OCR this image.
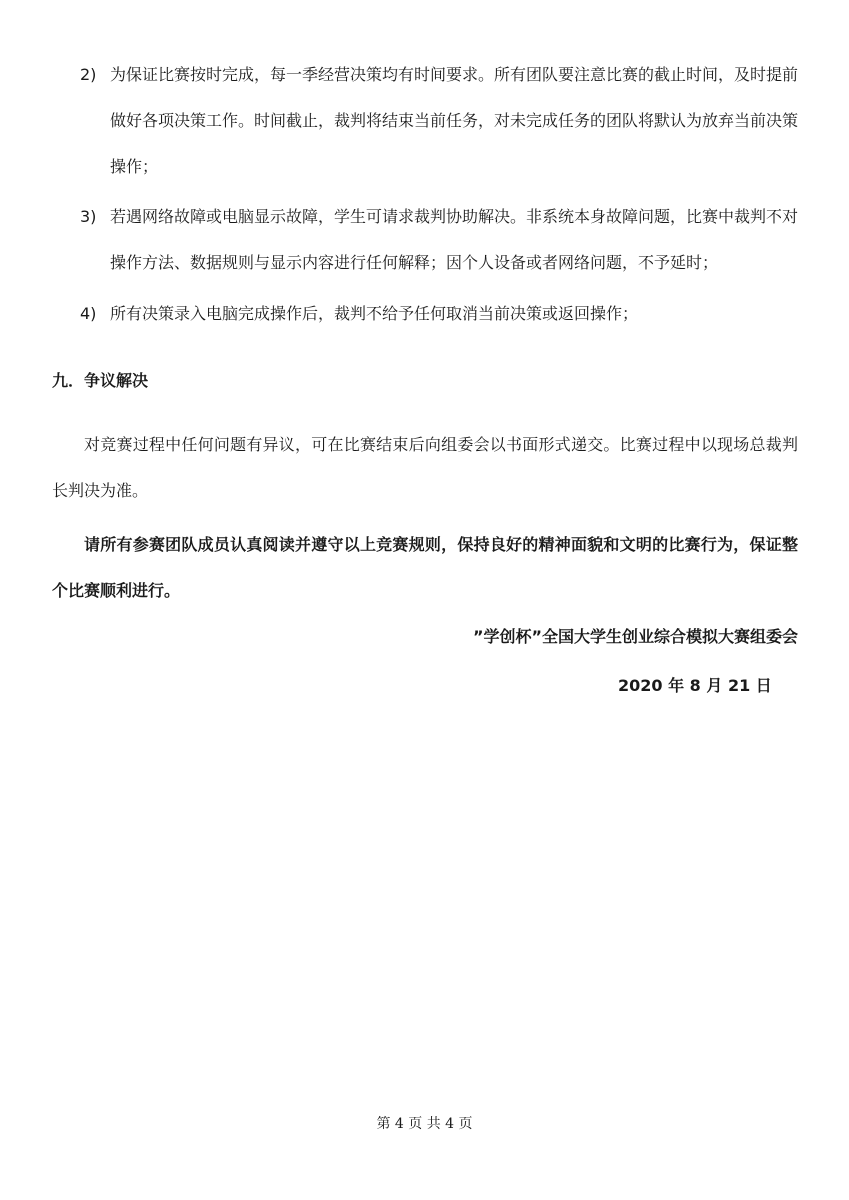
2) 为保证比赛按时完成，每一季经营决策均有时间要求。所有团队要注意比赛的截止时间，及时提前做好各项决策工作。时间截止，裁判将结束当前任务，对未完成任务的团队将默认为放弃当前决策操作；
3) 若遇网络故障或电脑显示故障，学生可请求裁判协助解决。非系统本身故障问题，比赛中裁判不对操作方法、数据规则与显示内容进行任何解释；因个人设备或者网络问题，不予延时；
4) 所有决策录入电脑完成操作后，裁判不给予任何取消当前决策或返回操作；
九．争议解决
对竞赛过程中任何问题有异议，可在比赛结束后向组委会以书面形式递交。比赛过程中以现场总裁判长判决为准。
请所有参赛团队成员认真阅读并遵守以上竞赛规则，保持良好的精神面貌和文明的比赛行为，保证整个比赛顺利进行。
”学创杯”全国大学生创业综合模拟大赛组委会
2020 年 8 月 21 日
第 4 页 共 4 页
